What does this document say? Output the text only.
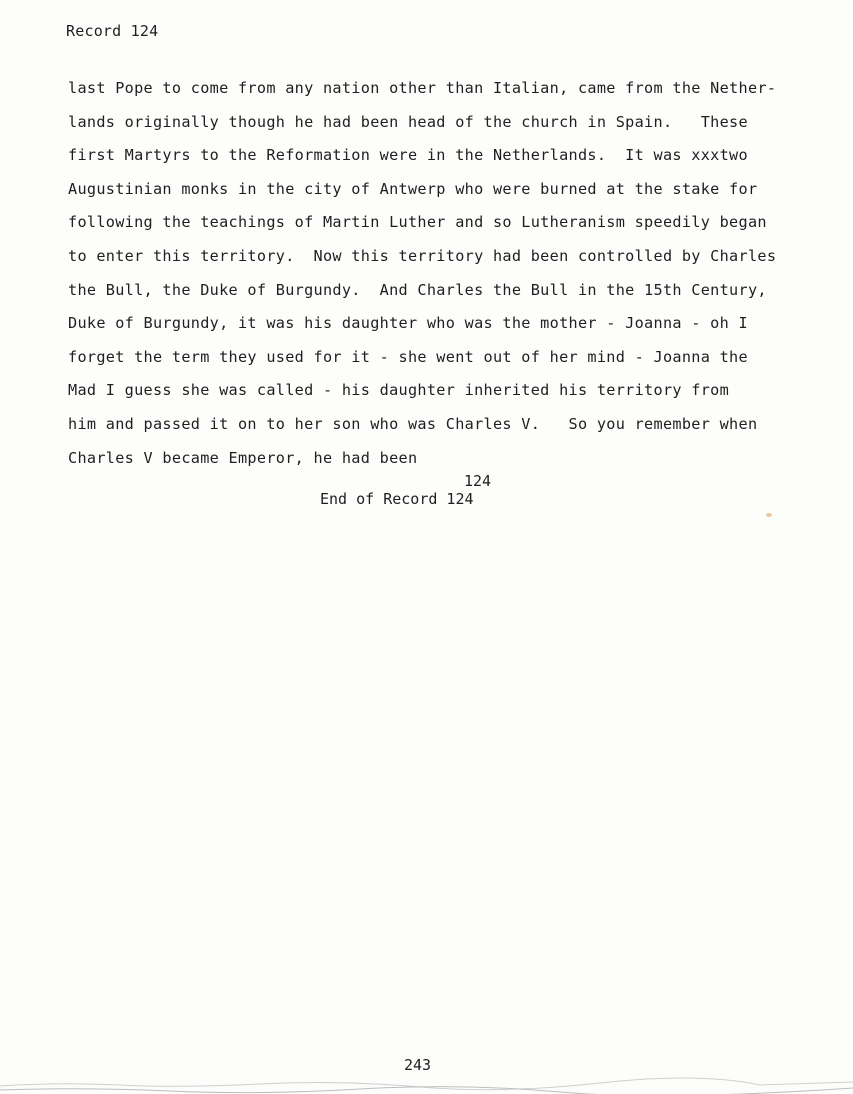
Record 124
last Pope to come from any nation other than Italian, came from the Nether-
lands originally though he had been head of the church in Spain.   These
first Martyrs to the Reformation were in the Netherlands.  It was xxxtwo
Augustinian monks in the city of Antwerp who were burned at the stake for
following the teachings of Martin Luther and so Lutheranism speedily began
to enter this territory.  Now this territory had been controlled by Charles
the Bull, the Duke of Burgundy.  And Charles the Bull in the 15th Century,
Duke of Burgundy, it was his daughter who was the mother - Joanna - oh I
forget the term they used for it - she went out of her mind - Joanna the
Mad I guess she was called - his daughter inherited his territory from
him and passed it on to her son who was Charles V.   So you remember when
Charles V became Emperor, he had been
124
End of Record 124
243
